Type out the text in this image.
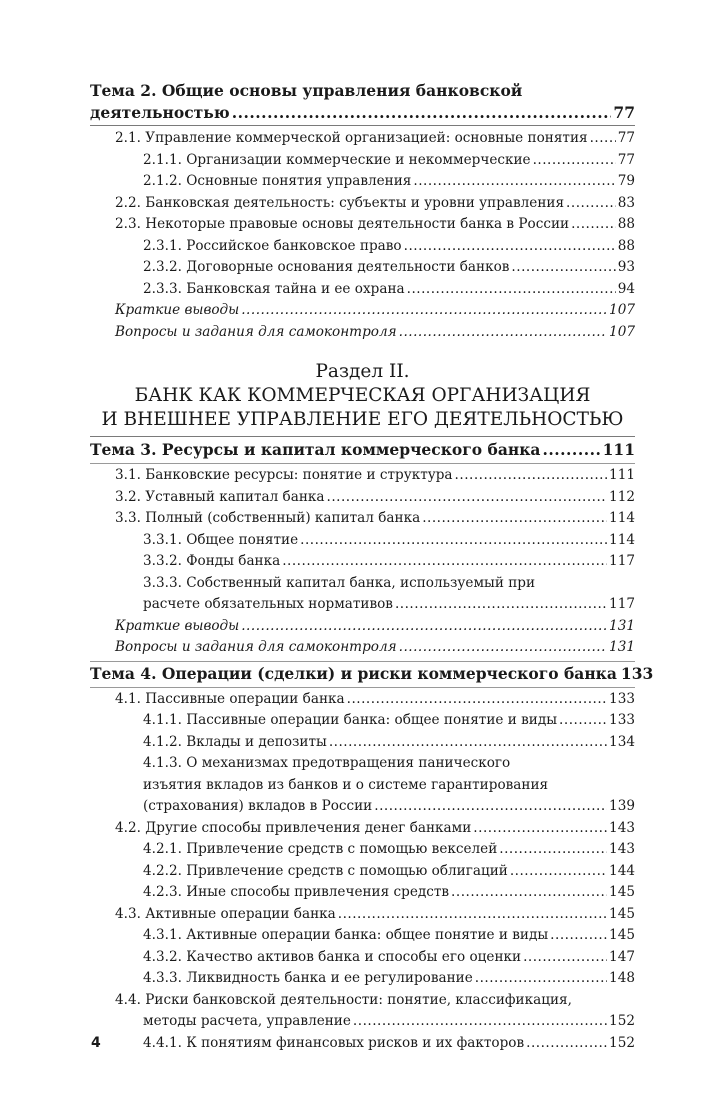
Тема 2. Общие основы управления банковской
деятельностью .....	77
2.1. Управление коммерческой организацией: основные понятия ..... 77
2.1.1. Организации коммерческие и некоммерческие .....	77
2.1.2. Основные понятия управления .....	79
2.2. Банковская деятельность: субъекты и уровни управления .....	83
2.3. Некоторые правовые основы деятельности банка в России .....	88
2.3.1. Российское банковское право .....	88
2.3.2. Договорные основания деятельности банков .....	93
2.3.3. Банковская тайна и ее охрана .....	94
Краткие выводы .....	107
Вопросы и задания для самоконтроля .....	107
Раздел II.
БАНК КАК КОММЕРЧЕСКАЯ ОРГАНИЗАЦИЯ
И ВНЕШНЕЕ УПРАВЛЕНИЕ ЕГО ДЕЯТЕЛЬНОСТЬЮ
Тема 3. Ресурсы и капитал коммерческого банка .....	111
3.1. Банковские ресурсы: понятие и структура .....	111
3.2. Уставный капитал банка .....	112
3.3. Полный (собственный) капитал банка .....	114
3.3.1. Общее понятие .....	114
3.3.2. Фонды банка .....	117
3.3.3. Собственный капитал банка, используемый при
расчете обязательных нормативов .....	117
Краткие выводы .....	131
Вопросы и задания для самоконтроля .....	131
Тема 4. Операции (сделки) и риски коммерческого банка 133
4.1. Пассивные операции банка .....	133
4.1.1. Пассивные операции банка: общее понятие и виды .....	133
4.1.2. Вклады и депозиты .....	134
4.1.3. О механизмах предотвращения панического
изъятия вкладов из банков и о системе гарантирования
(страхования) вкладов в России .....	139
4.2. Другие способы привлечения денег банками .....	143
4.2.1. Привлечение средств с помощью векселей .....	143
4.2.2. Привлечение средств с помощью облигаций .....	144
4.2.3. Иные способы привлечения средств .....	145
4.3. Активные операции банка .....	145
4.3.1. Активные операции банка: общее понятие и виды .....	145
4.3.2. Качество активов банка и способы его оценки .....	147
4.3.3. Ликвидность банка и ее регулирование .....	148
4.4. Риски банковской деятельности: понятие, классификация,
методы расчета, управление .....	152
4.4.1. К понятиям финансовых рисков и их факторов .....	152
4
